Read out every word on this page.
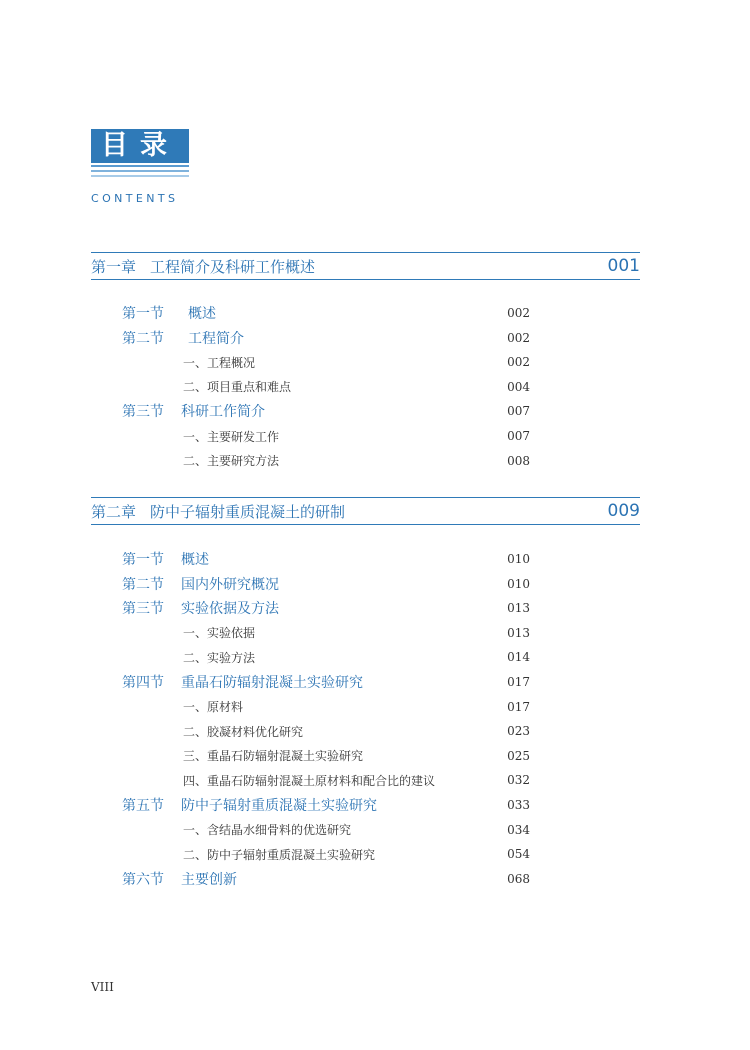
目录
CONTENTS
第一章 工程简介及科研工作概述	001
第一节 概述	002
第二节 工程简介	002
一、工程概况	002
二、项目重点和难点	004
第三节 科研工作简介	007
一、主要研发工作	007
二、主要研究方法	008
第二章 防中子辐射重质混凝土的研制	009
第一节 概述	010
第二节 国内外研究概况	010
第三节 实验依据及方法	013
一、实验依据	013
二、实验方法	014
第四节 重晶石防辐射混凝土实验研究	017
一、原材料	017
二、胶凝材料优化研究	023
三、重晶石防辐射混凝土实验研究	025
四、重晶石防辐射混凝土原材料和配合比的建议	032
第五节 防中子辐射重质混凝土实验研究	033
一、含结晶水细骨料的优选研究	034
二、防中子辐射重质混凝土实验研究	054
第六节 主要创新	068
VIII
